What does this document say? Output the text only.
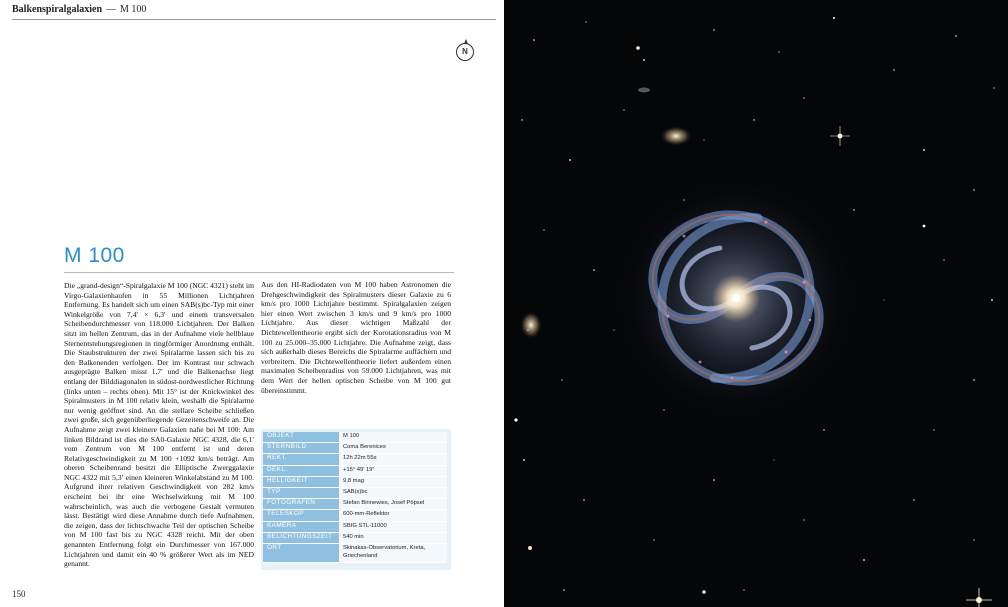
Balkenspiralgalaxien — M 100
N
M 100

Die „grand-design“-Spiralgalaxie M 100 (NGC 4321) steht im Virgo-Galaxienhaufen in 55 Millionen Lichtjahren Entfernung. Es handelt sich um einen SAB(s)bc-Typ mit einer Winkelgröße von 7,4′ × 6,3′ und einem transversalen Scheibendurchmesser von 118.000 Lichtjahren. Der Balken sitzt im hellen Zentrum, das in der Aufnahme viele hellblaue Sternentstehungsregionen in ringförmiger Anordnung enthält. Die Staubstrukturen der zwei Spiralarme lassen sich bis zu den Balkenenden verfolgen. Der im Kontrast nur schwach ausgeprägte Balken misst 1,7′ und die Balkenachse liegt entlang der Bilddiagonalen in südost-nordwestlicher Richtung (links unten – rechts oben). Mit 15° ist der Knickwinkel des Spiralmusters in M 100 relativ klein, weshalb die Spiralarme nur wenig geöffnet sind. An die stellare Scheibe schließen zwei große, sich gegenüberliegende Gezeitenschweife an. Die Aufnahme zeigt zwei kleinere Galaxien nahe bei M 100: Am linken Bildrand ist dies die SA0-Galaxie NGC 4328, die 6,1′ vom Zentrum von M 100 entfernt ist und deren Relativgeschwindigkeit zu M 100 +1092 km/s beträgt. Am oberen Scheibenrand besitzt die Elliptische Zwerggalaxie NGC 4322 mit 5,3′ einen kleineren Winkelabstand zu M 100. Aufgrund ihrer relativen Geschwindigkeit von 282 km/s erscheint bei ihr eine Wechselwirkung mit M 100 wahrscheinlich, was auch die verbogene Gestalt vermuten lässt. Bestätigt wird diese Annahme durch tiefe Aufnahmen, die zeigen, dass der lichtschwache Teil der optischen Scheibe von M 100 fast bis zu NGC 4328 reicht. Mit der oben genannten Entfernung folgt ein Durchmesser von 167.000 Lichtjahren und damit ein 40 % größerer Wert als im NED genannt.

Aus den HI-Radiodaten von M 100 haben Astronomen die Drehgeschwindigkeit des Spiralmusters dieser Galaxie zu 6 km/s pro 1000 Lichtjahre bestimmt. Spiralgalaxien zeigen hier einen Wert zwischen 3 km/s und 9 km/s pro 1000 Lichtjahre. Aus dieser wichtigen Maßzahl der Dichtewellentheorie ergibt sich der Korotationsradius von M 100 zu 25.000–35.000 Lichtjahre. Die Aufnahme zeigt, dass sich außerhalb dieses Bereichs die Spiralarme auffächern und verbreitern. Die Dichtewellentheorie liefert außerdem einen maximalen Scheibenradius von 59.000 Lichtjahren, was mit dem Wert der hellen optischen Scheibe von M 100 gut übereinstimmt.

OBJEKT	M 100
STERNBILD	Coma Berenices
REKT.	12h 22m 55s
DEKL.	+15° 49′ 19″
HELLIGKEIT	9,8 mag
TYP	SAB(s)bc
FOTOGRAFEN	Stefan Binnewies, Josef Pöpsel
TELESKOP	600-mm-Reflektor
KAMERA	SBIG STL-11000
BELICHTUNGSZEIT	540 min
ORT	Skinakas-Observatorium, Kreta, Griechenland
150
